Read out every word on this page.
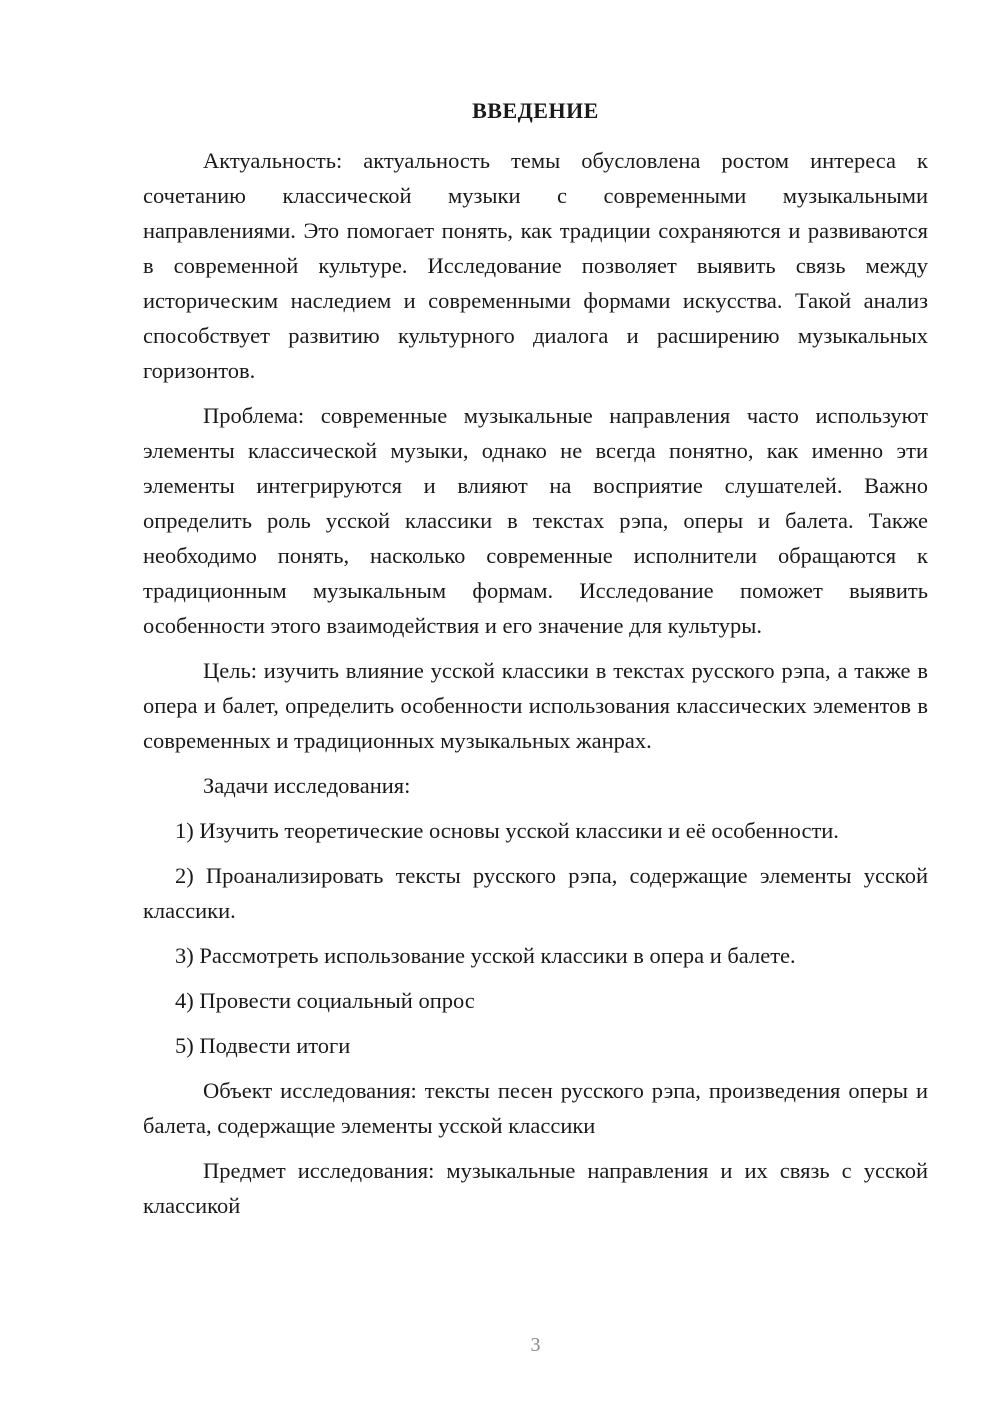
ВВЕДЕНИЕ

Актуальность: актуальность темы обусловлена ростом интереса к сочетанию классической музыки с современными музыкальными направлениями. Это помогает понять, как традиции сохраняются и развиваются в современной культуре. Исследование позволяет выявить связь между историческим наследием и современными формами искусства. Такой анализ способствует развитию культурного диалога и расширению музыкальных горизонтов.

Проблема: современные музыкальные направления часто используют элементы классической музыки, однако не всегда понятно, как именно эти элементы интегрируются и влияют на восприятие слушателей. Важно определить роль усской классики в текстах рэпа, оперы и балета. Также необходимо понять, насколько современные исполнители обращаются к традиционным музыкальным формам. Исследование поможет выявить особенности этого взаимодействия и его значение для культуры.

Цель: изучить влияние усской классики в текстах русского рэпа, а также в опера и балет, определить особенности использования классических элементов в современных и традиционных музыкальных жанрах.

Задачи исследования:

1) Изучить теоретические основы усской классики и её особенности.

2) Проанализировать тексты русского рэпа, содержащие элементы усской классики.

3) Рассмотреть использование усской классики в опера и балете.

4) Провести социальный опрос

5) Подвести итоги

Объект исследования: тексты песен русского рэпа, произведения оперы и балета, содержащие элементы усской классики

Предмет исследования: музыкальные направления и их связь с усской классикой

3
